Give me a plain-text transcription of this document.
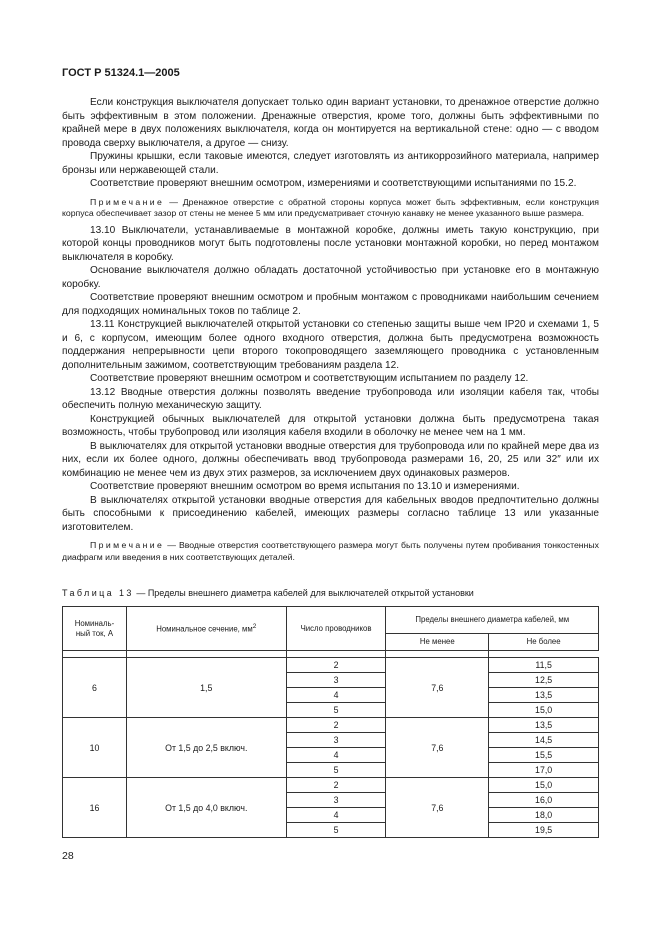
ГОСТ Р 51324.1—2005

Если конструкция выключателя допускает только один вариант установки, то дренажное отверстие должно быть эффективным в этом положении. Дренажные отверстия, кроме того, должны быть эффективными по крайней мере в двух положениях выключателя, когда он монтируется на вертикальной стене: одно — с вводом провода сверху выключателя, а другое — снизу.

Пружины крышки, если таковые имеются, следует изготовлять из антикоррозийного материала, например бронзы или нержавеющей стали.

Соответствие проверяют внешним осмотром, измерениями и соответствующими испытаниями по 15.2.

Примечание — Дренажное отверстие с обратной стороны корпуса может быть эффективным, если конструкция корпуса обеспечивает зазор от стены не менее 5 мм или предусматривает сточную канавку не менее указанного выше размера.

13.10 Выключатели, устанавливаемые в монтажной коробке, должны иметь такую конструкцию, при которой концы проводников могут быть подготовлены после установки монтажной коробки, но перед монтажом выключателя в коробку.

Основание выключателя должно обладать достаточной устойчивостью при установке его в монтажную коробку.

Соответствие проверяют внешним осмотром и пробным монтажом с проводниками наибольшим сечением для подходящих номинальных токов по таблице 2.

13.11 Конструкцией выключателей открытой установки со степенью защиты выше чем IP20 и схемами 1, 5 и 6, с корпусом, имеющим более одного входного отверстия, должна быть предусмотрена возможность поддержания непрерывности цепи второго токопроводящего заземляющего проводника с установленным дополнительным зажимом, соответствующим требованиям раздела 12.

Соответствие проверяют внешним осмотром и соответствующим испытанием по разделу 12.

13.12 Вводные отверстия должны позволять введение трубопровода или изоляции кабеля так, чтобы обеспечить полную механическую защиту.

Конструкцией обычных выключателей для открытой установки должна быть предусмотрена такая возможность, чтобы трубопровод или изоляция кабеля входили в оболочку не менее чем на 1 мм.

В выключателях для открытой установки вводные отверстия для трубопровода или по крайней мере два из них, если их более одного, должны обеспечивать ввод трубопровода размерами 16, 20, 25 или 32″ или их комбинацию не менее чем из двух этих размеров, за исключением двух одинаковых размеров.

Соответствие проверяют внешним осмотром во время испытания по 13.10 и измерениями.

В выключателях открытой установки вводные отверстия для кабельных вводов предпочтительно должны быть способными к присоединению кабелей, имеющих размеры согласно таблице 13 или указанные изготовителем.

Примечание — Вводные отверстия соответствующего размера могут быть получены путем пробивания тонкостенных диафрагм или введения в них соответствующих деталей.

Таблица 13 — Пределы внешнего диаметра кабелей для выключателей открытой установки

Номиналь-
ный ток, А	Номинальное сечение, $мм^2$	Число проводников	Пределы внешнего диаметра кабелей, мм	
			Не менее	Не более

6	1,5	2	7,6	11,5
		3		12,5
		4		13,5
		5		15,0
10	От 1,5 до 2,5 включ.	2	7,6	13,5
		3		14,5
		4		15,5
		5		17,0
16	От 1,5 до 4,0 включ.	2	7,6	15,0
		3		16,0
		4		18,0
		5		19,5

28
